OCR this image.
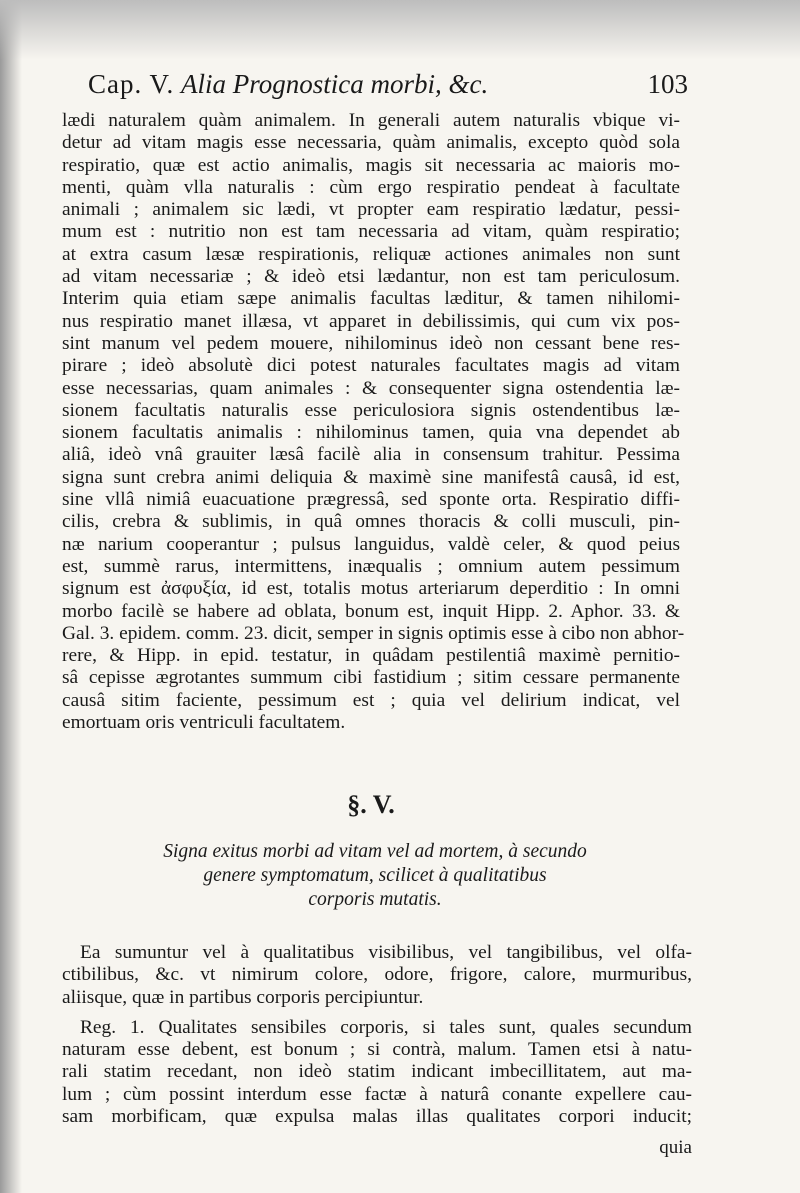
Cap. V. Alia Prognostica morbi, &c.	103
lædi naturalem quàm animalem. In generali autem naturalis vbique vi-
detur ad vitam magis esse necessaria, quàm animalis, excepto quòd sola
respiratio, quæ est actio animalis, magis sit necessaria ac maioris mo-
menti, quàm vlla naturalis : cùm ergo respiratio pendeat à facultate
animali ; animalem sic lædi, vt propter eam respiratio lædatur, pessi-
mum est : nutritio non est tam necessaria ad vitam, quàm respiratio;
at extra casum læsæ respirationis, reliquæ actiones animales non sunt
ad vitam necessariæ ; & ideò etsi lædantur, non est tam periculosum.
Interim quia etiam sæpe animalis facultas læditur, & tamen nihilomi-
nus respiratio manet illæsa, vt apparet in debilissimis, qui cum vix pos-
sint manum vel pedem mouere, nihilominus ideò non cessant bene res-
pirare ; ideò absolutè dici potest naturales facultates magis ad vitam
esse necessarias, quam animales : & consequenter signa ostendentia læ-
sionem facultatis naturalis esse periculosiora signis ostendentibus læ-
sionem facultatis animalis : nihilominus tamen, quia vna dependet ab
aliâ, ideò vnâ grauiter læsâ facilè alia in consensum trahitur. Pessima
signa sunt crebra animi deliquia & maximè sine manifestâ causâ, id est,
sine vllâ nimiâ euacuatione prægressâ, sed sponte orta. Respiratio diffi-
cilis, crebra & sublimis, in quâ omnes thoracis & colli musculi, pin-
næ narium cooperantur ; pulsus languidus, valdè celer, & quod peius
est, summè rarus, intermittens, inæqualis ; omnium autem pessimum
signum est ἀσφυξία, id est, totalis motus arteriarum deperditio : In omni
morbo facilè se habere ad oblata, bonum est, inquit Hipp. 2. Aphor. 33. &
Gal. 3. epidem. comm. 23. dicit, semper in signis optimis esse à cibo non abhor-
rere, & Hipp. in epid. testatur, in quâdam pestilentiâ maximè pernitio-
sâ cepisse ægrotantes summum cibi fastidium ; sitim cessare permanente
causâ sitim faciente, pessimum est ; quia vel delirium indicat, vel
emortuam oris ventriculi facultatem.
§. V.
Signa exitus morbi ad vitam vel ad mortem, à secundo
genere symptomatum, scilicet à qualitatibus
corporis mutatis.
Ea sumuntur vel à qualitatibus visibilibus, vel tangibilibus, vel olfa-
ctibilibus, &c. vt nimirum colore, odore, frigore, calore, murmuribus,
aliisque, quæ in partibus corporis percipiuntur.
Reg. 1. Qualitates sensibiles corporis, si tales sunt, quales secundum
naturam esse debent, est bonum ; si contrà, malum. Tamen etsi à natu-
rali statim recedant, non ideò statim indicant imbecillitatem, aut ma-
lum ; cùm possint interdum esse factæ à naturâ conante expellere cau-
sam morbificam, quæ expulsa malas illas qualitates corpori inducit;
quia
